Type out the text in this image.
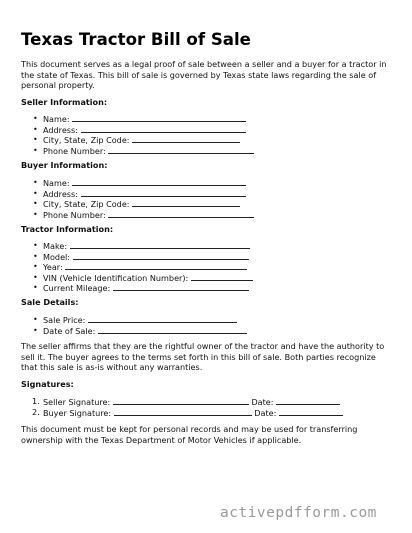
Texas Tractor Bill of Sale

This document serves as a legal proof of sale between a seller and a buyer for a tractor in the state of Texas. This bill of sale is governed by Texas state laws regarding the sale of personal property.

Seller Information:

• Name:
• Address:
• City, State, Zip Code:
• Phone Number:

Buyer Information:

• Name:
• Address:
• City, State, Zip Code:
• Phone Number:

Tractor Information:

• Make:
• Model:
• Year:
• VIN (Vehicle Identification Number):
• Current Mileage:

Sale Details:

• Sale Price:
• Date of Sale:

The seller affirms that they are the rightful owner of the tractor and have the authority to sell it. The buyer agrees to the terms set forth in this bill of sale. Both parties recognize that this sale is as-is without any warranties.

Signatures:

1. Seller Signature:	Date:
2. Buyer Signature:	Date:

This document must be kept for personal records and may be used for transferring ownership with the Texas Department of Motor Vehicles if applicable.

activepdfform.com
